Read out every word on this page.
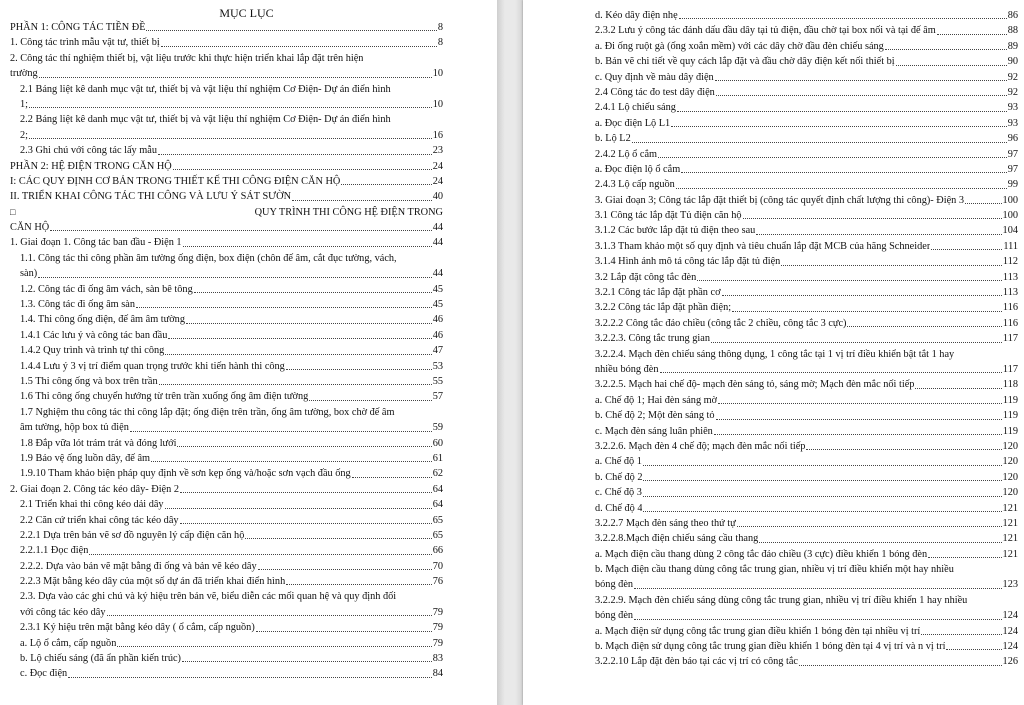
MỤC LỤC
PHẦN 1: CÔNG TÁC TIỀN ĐỀ	8
1. Công tác trình mẫu vật tư, thiết bị	8
2. Công tác thí nghiệm thiết bị, vật liệu trước khi thực hiện triển khai lắp đặt trên hiện
trường	10
2.1 Bảng liệt kê danh mục vật tư, thiết bị và vật liệu thí nghiệm Cơ Điện- Dự án điển hình
1;	10
2.2 Bảng liệt kê danh mục vật tư, thiết bị và vật liệu thí nghiệm Cơ Điện- Dự án điển hình
2;	16
2.3 Ghi chú với công tác lấy mẫu	23
PHẦN 2: HỆ ĐIỆN TRONG CĂN HỘ	24
I: CÁC QUY ĐỊNH CƠ BẢN TRONG THIẾT KẾ THI CÔNG ĐIỆN CĂN HỘ	24
II. TRIỂN KHAI CÔNG TÁC THI CÔNG VÀ LƯU Ý SÁT SƯỜN	40
□	QUY TRÌNH THI CÔNG HỆ ĐIỆN TRONG
CĂN HỘ	44
1. Giai đoạn 1. Công tác ban đầu - Điện 1	44
1.1. Công tác thi công phần âm tường ống điện, box điện (chôn đế âm, cắt đục tường, vách,
sàn)	44
1.2. Công tác đi ống âm vách, sàn bê tông	45
1.3. Công tác đi ống âm sàn	45
1.4. Thi công ống điện, đế âm âm tường	46
1.4.1 Các lưu ý và công tác ban đầu	46
1.4.2 Quy trình và trình tự thi công	47
1.4.4 Lưu ý 3 vị trí điểm quan trọng trước khi tiến hành thi công	53
1.5 Thi công ống và box trên trần	55
1.6 Thi công ống chuyển hướng từ trên trần xuống ống âm điện tường	57
1.7 Nghiệm thu công tác thi công lắp đặt; ống điện trên trần, ống âm tường, box chờ đế âm
âm tường, hộp box tủ điện	59
1.8 Đắp vữa lót trám trát và đóng lưới	60
1.9 Bảo vệ ống luồn dây, đế âm	61
1.9.10 Tham khảo biện pháp quy định về sơn kẹp ống và/hoặc sơn vạch đầu ống	62
2. Giai đoạn 2. Công tác kéo dây- Điện 2	64
2.1 Triển khai thi công kéo dải dây	64
2.2 Căn cứ triển khai công tác kéo dây	65
2.2.1 Dựa trên bản vẽ sơ đồ nguyên lý cấp điện căn hộ	65
2.2.1.1 Đọc điện	66
2.2.2. Dựa vào bản vẽ mặt bằng đi ống và bản vẽ kéo dây	70
2.2.3 Mặt bằng kéo dây của một số dự án đã triển khai điển hình	76
2.3. Dựa vào các ghi chú và ký hiệu trên bản vẽ, biểu diễn các mối quan hệ và quy định đối
với công tác kéo dây	79
2.3.1 Ký hiệu trên mặt bằng kéo dây ( ổ cắm, cấp nguồn)	79
a. Lộ ổ cắm, cấp nguồn	79
b. Lộ chiếu sáng (đã ẩn phần kiến trúc)	83
c. Đọc điện	84
d. Kéo dây điện nhẹ	86
2.3.2 Lưu ý công tác đánh dấu đầu dây tại tủ điện, đầu chờ tại box nối và tại đế âm	88
a. Đi ống ruột gà (ống xoắn mềm) với các dây chờ đầu đèn chiếu sáng	89
b. Bản vẽ chi tiết về quy cách lắp đặt và đầu chờ dây điện kết nối thiết bị	90
c. Quy định về màu dây điện	92
2.4 Công tác đo test dây điện	92
2.4.1 Lộ chiếu sáng	93
a. Đọc điện Lộ L1	93
b. Lộ L2	96
2.4.2 Lộ ổ cắm	97
a. Đọc điện lộ ổ cắm	97
2.4.3 Lộ cấp nguồn	99
3. Giai đoạn 3; Công tác lắp đặt thiết bị (công tác quyết định chất lượng thi công)- Điện 3	100
3.1 Công tác lắp đặt Tủ điện căn hộ	100
3.1.2 Các bước lắp đặt tủ điện theo sau	104
3.1.3 Tham khảo một số quy định và tiêu chuẩn lắp đặt MCB của hãng Schneider	111
3.1.4 Hình ảnh mô tả công tác lắp đặt tủ điện	112
3.2 Lắp đặt công tắc đèn	113
3.2.1 Công tác lắp đặt phần cơ	113
3.2.2 Công tác lắp đặt phần điện;	116
3.2.2.2 Công tắc đảo chiều (công tắc 2 chiều, công tắc 3 cực)	116
3.2.2.3. Công tắc trung gian	117
3.2.2.4. Mạch đèn chiếu sáng thông dụng, 1 công tắc tại 1 vị trí điều khiển bật tắt 1 hay
nhiều bóng đèn	117
3.2.2.5. Mạch hai chế độ- mạch đèn sáng tỏ, sáng mờ; Mạch đèn mắc nối tiếp	118
a. Chế độ 1; Hai đèn sáng mờ	119
b. Chế độ 2; Một đèn sáng tỏ	119
c. Mạch đèn sáng luân phiên	119
3.2.2.6. Mạch đèn 4 chế độ; mạch đèn mắc nối tiếp	120
a. Chế độ 1	120
b. Chế độ 2	120
c. Chế độ 3	120
d. Chế độ 4	121
3.2.2.7 Mạch đèn sáng theo thứ tự	121
3.2.2.8.Mạch điện chiếu sáng cầu thang	121
a. Mạch điện cầu thang dùng 2 công tắc đảo chiều (3 cực) điều khiển 1 bóng đèn	121
b. Mạch điện cầu thang dùng công tắc trung gian, nhiều vị trí điều khiển một hay nhiều
bóng đèn	123
3.2.2.9. Mạch đèn chiếu sáng dùng công tắc trung gian, nhiều vị trí điều khiển 1 hay nhiều
bóng đèn	124
a. Mạch điện sử dụng công tắc trung gian điều khiển 1 bóng đèn tại nhiều vị trí	124
b. Mạch điện sử dụng công tắc trung gian điều khiển 1 bóng đèn tại 4 vị trí và n vị trí	124
3.2.2.10 Lắp đặt đèn báo tại các vị trí có công tắc	126
